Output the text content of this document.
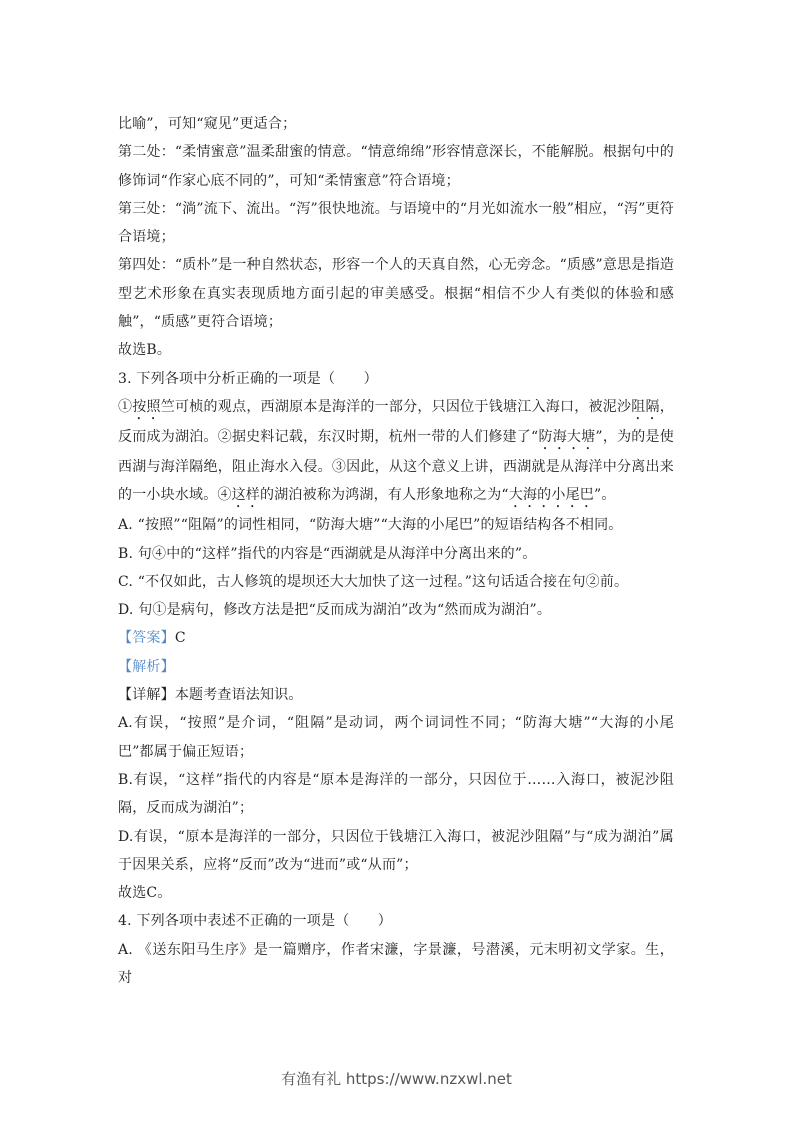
比喻”，可知“窥见”更适合；

第二处：“柔情蜜意”温柔甜蜜的情意。“情意绵绵”形容情意深长，不能解脱。根据句中的修饰词“作家心底不同的”，可知“柔情蜜意”符合语境；

第三处：“淌”流下、流出。“泻”很快地流。与语境中的“月光如流水一般”相应，“泻”更符合语境；

第四处：“质朴”是一种自然状态，形容一个人的天真自然，心无旁念。“质感”意思是指造型艺术形象在真实表现质地方面引起的审美感受。根据“相信不少人有类似的体验和感触”，“质感”更符合语境；

故选B。

3. 下列各项中分析正确的一项是（　　）

①按照竺可桢的观点，西湖原本是海洋的一部分，只因位于钱塘江入海口，被泥沙阻隔，反而成为湖泊。②据史料记载，东汉时期，杭州一带的人们修建了“防海大塘”，为的是使西湖与海洋隔绝，阻止海水入侵。③因此，从这个意义上讲，西湖就是从海洋中分离出来的一小块水域。④这样的湖泊被称为鸿湖，有人形象地称之为“大海的小尾巴”。

A. “按照”“阻隔”的词性相同，“防海大塘”“大海的小尾巴”的短语结构各不相同。

B. 句④中的“这样”指代的内容是“西湖就是从海洋中分离出来的”。

C. “不仅如此，古人修筑的堤坝还大大加快了这一过程。”这句话适合接在句②前。

D. 句①是病句，修改方法是把“反而成为湖泊”改为“然而成为湖泊”。

【答案】C

【解析】

【详解】本题考查语法知识。

A.有误，“按照”是介词，“阻隔”是动词，两个词词性不同；“防海大塘”“大海的小尾巴”都属于偏正短语；

B.有误，“这样”指代的内容是“原本是海洋的一部分，只因位于……入海口，被泥沙阻隔，反而成为湖泊”；

D.有误，“原本是海洋的一部分，只因位于钱塘江入海口，被泥沙阻隔”与“成为湖泊”属于因果关系，应将“反而”改为“进而”或“从而”；

故选C。

4. 下列各项中表述不正确的一项是（　　）

A. 《送东阳马生序》是一篇赠序，作者宋濂，字景濂，号潜溪，元末明初文学家。生，对

有渔有礼 https://www.nzxwl.net
